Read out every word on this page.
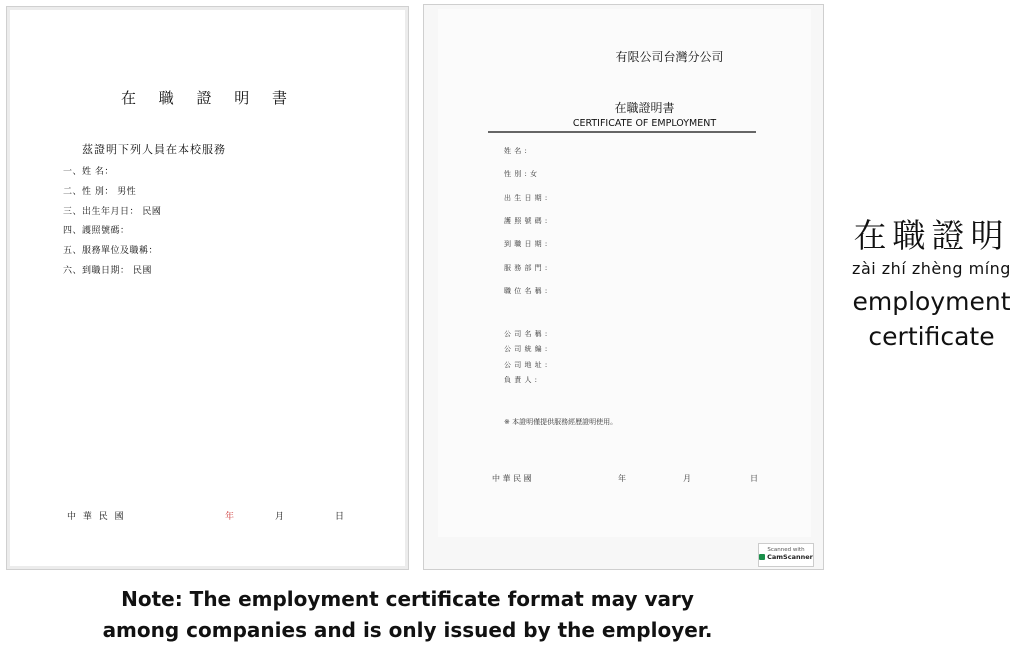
在 職 證 明 書
茲證明下列人員在本校服務
一、姓 名：
二、性 別： 男性
三、出生年月日： 民國
四、護照號碼：
五、服務單位及職稱：
六、到職日期： 民國
中 華 民 國	年	月	日
有限公司台灣分公司
在職證明書
CERTIFICATE OF EMPLOYMENT
姓 名 :
性 別 : 女
出 生 日 期 :
護 照 號 碼 :
到 職 日 期 :
服 務 部 門 :
職 位 名 稱 :
公 司 名 稱 :
公 司 統 編 :
公 司 地 址 :
負 責 人 :
※ 本證明僅提供服務經歷證明使用。
中 華 民 國	年	月	日
Scanned with
CamScanner
在職證明
zài zhí zhèng míng
employment
certificate
Note: The employment certificate format may vary
among companies and is only issued by the employer.
